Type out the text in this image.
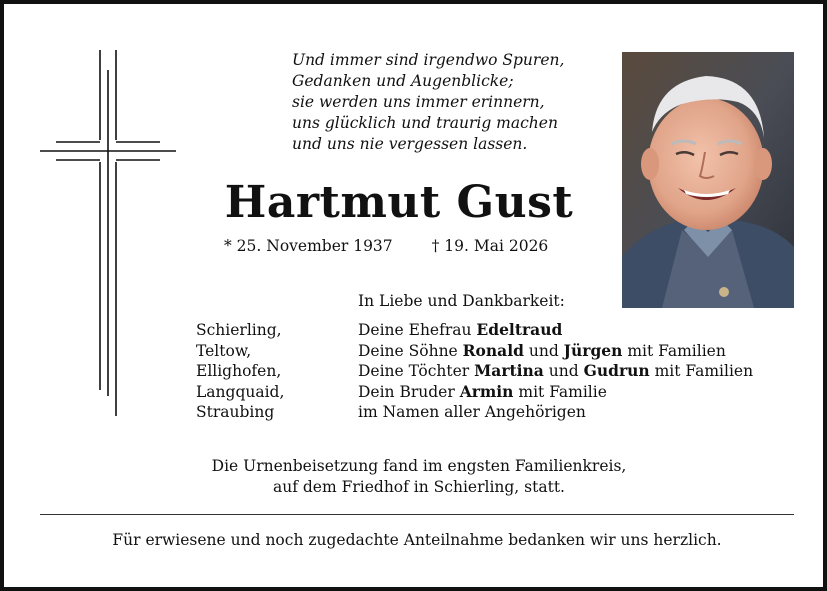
Und immer sind irgendwo Spuren,
Gedanken und Augenblicke;
sie werden uns immer erinnern,
uns glücklich und traurig machen
und uns nie vergessen lassen.
Hartmut Gust
* 25. November 1937	† 19. Mai 2026
In Liebe und Dankbarkeit:
Schierling,	Deine Ehefrau Edeltraud
Teltow,	Deine Söhne Ronald und Jürgen mit Familien
Ellighofen,	Deine Töchter Martina und Gudrun mit Familien
Langquaid,	Dein Bruder Armin mit Familie
Straubing	im Namen aller Angehörigen
Die Urnenbeisetzung fand im engsten Familienkreis,
auf dem Friedhof in Schierling, statt.
Für erwiesene und noch zugedachte Anteilnahme bedanken wir uns herzlich.
